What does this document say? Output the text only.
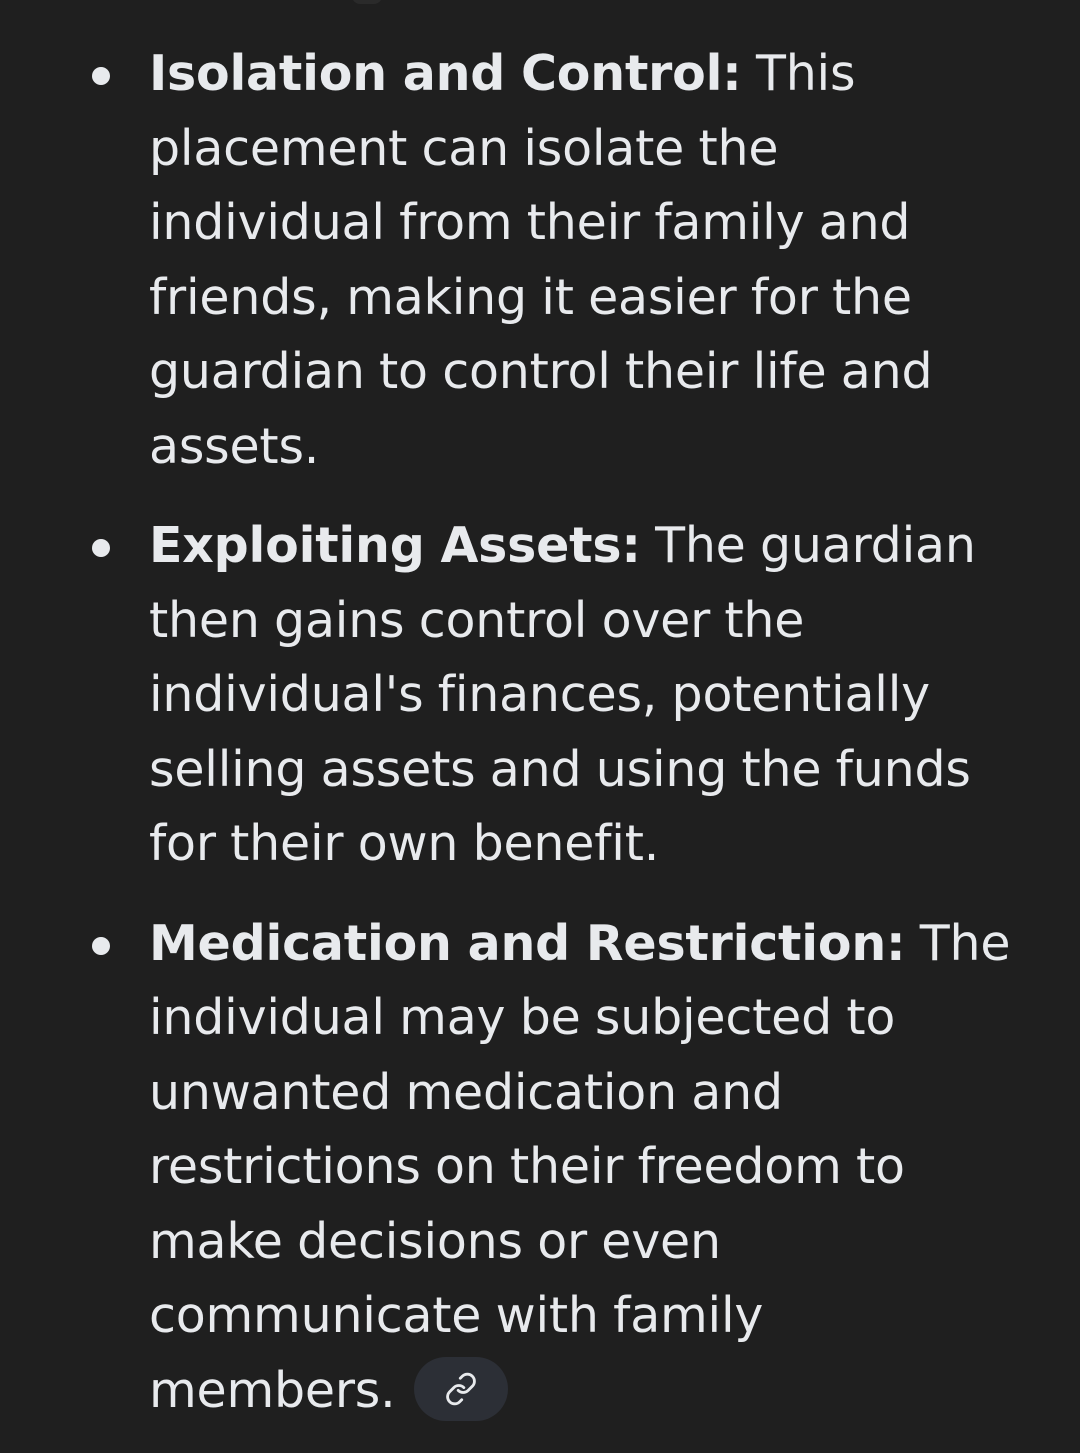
Isolation and Control: This placement can isolate the individual from their family and friends, making it easier for the guardian to control their life and assets.
Exploiting Assets: The guardian then gains control over the individual's finances, potentially selling assets and using the funds for their own benefit.
Medication and Restriction: The individual may be subjected to unwanted medication and restrictions on their freedom to make decisions or even communicate with family members.
